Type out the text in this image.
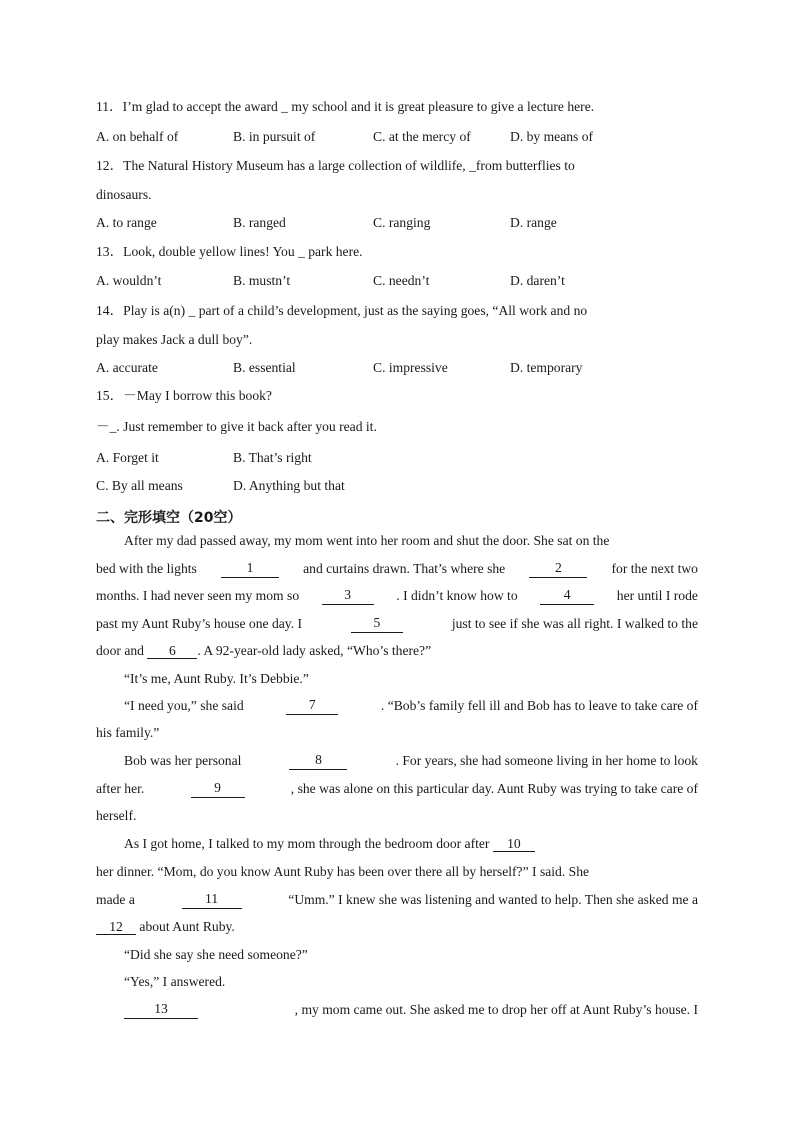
11．I’m glad to accept the award _ my school and it is great pleasure to give a lecture here.
A. on behalf of	B. in pursuit of	C. at the mercy of	D. by means of
12．The Natural History Museum has a large collection of wildlife, _from butterflies to
dinosaurs.
A. to range	B. ranged	C. ranging	D. range
13．Look, double yellow lines! You _ park here.
A. wouldn’t	B. mustn’t	C. needn’t	D. daren’t
14．Play is a(n) _ part of a child’s development, just as the saying goes, “All work and no
play makes Jack a dull boy”.
A. accurate	B. essential	C. impressive	D. temporary
15．－May I borrow this book?
－_. Just remember to give it back after you read it.
A. Forget it	B. That’s right
C. By all means	D. Anything but that
二、完形填空（20空）
After my dad passed away, my mom went into her room and shut the door. She sat on the
bed with the lights	1	and curtains drawn. That’s where she	2	for the next two
months. I had never seen my mom so	3	. I didn’t know how to	4	her until I rode
past my Aunt Ruby’s house one day. I	5	just to see if she was all right. I walked to the
door and 6 . A 92-year-old lady asked, “Who’s there?”
“It’s me, Aunt Ruby. It’s Debbie.”
“I need you,” she said	7	. “Bob’s family fell ill and Bob has to leave to take care of
his family.”
Bob was her personal	8	. For years, she had someone living in her home to look
after her.	9	, she was alone on this particular day. Aunt Ruby was trying to take care of
herself.
As I got home, I talked to my mom through the bedroom door after 10
her dinner. “Mom, do you know Aunt Ruby has been over there all by herself?” I said. She
made a	11	“Umm.” I knew she was listening and wanted to help. Then she asked me a
12 about Aunt Ruby.
“Did she say she need someone?”
“Yes,” I answered.
13	, my mom came out. She asked me to drop her off at Aunt Ruby’s house. I
